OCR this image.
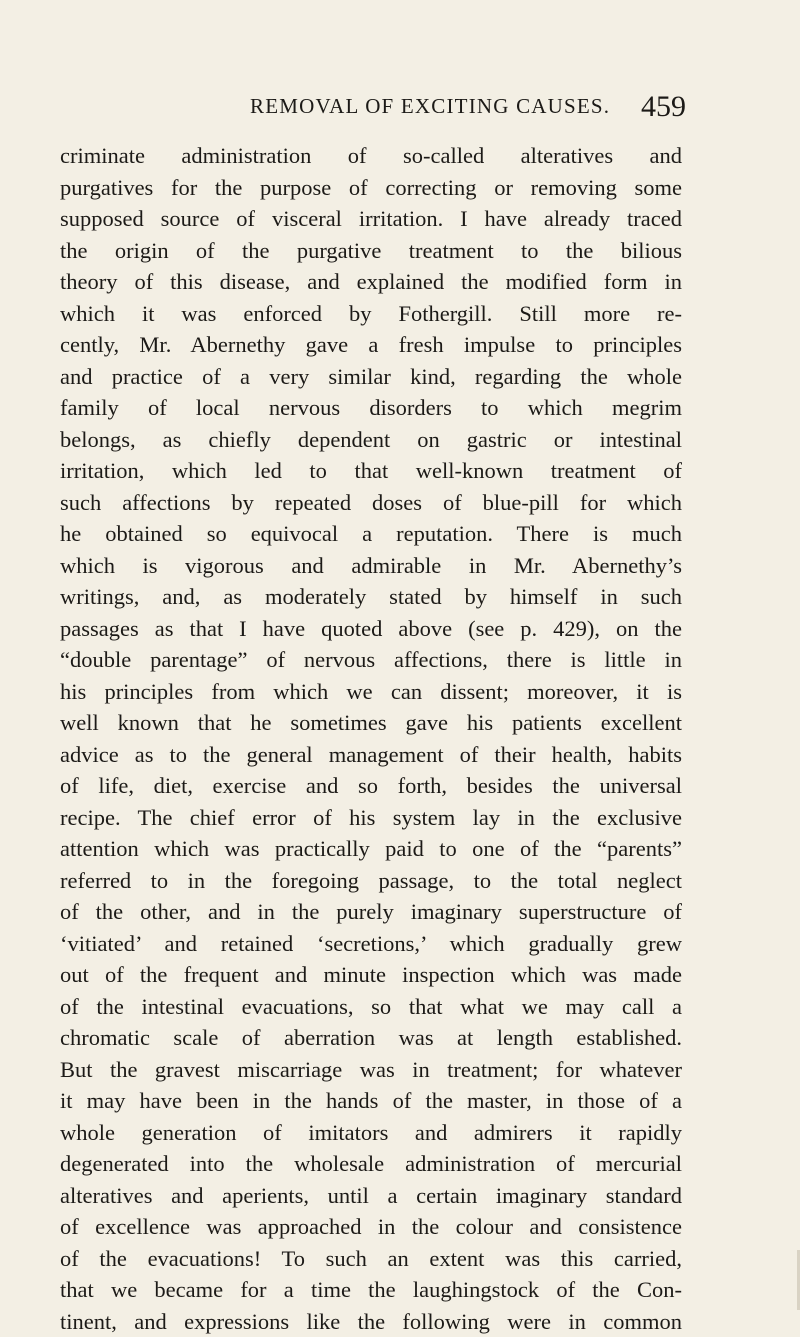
REMOVAL OF EXCITING CAUSES. 459
criminate administration of so-called alteratives and
purgatives for the purpose of correcting or removing some
supposed source of visceral irritation. I have already traced
the origin of the purgative treatment to the bilious
theory of this disease, and explained the modified form in
which it was enforced by Fothergill. Still more re-
cently, Mr. Abernethy gave a fresh impulse to principles
and practice of a very similar kind, regarding the whole
family of local nervous disorders to which megrim
belongs, as chiefly dependent on gastric or intestinal
irritation, which led to that well-known treatment of
such affections by repeated doses of blue-pill for which
he obtained so equivocal a reputation. There is much
which is vigorous and admirable in Mr. Abernethy’s
writings, and, as moderately stated by himself in such
passages as that I have quoted above (see p. 429), on the
“double parentage” of nervous affections, there is little in
his principles from which we can dissent; moreover, it is
well known that he sometimes gave his patients excellent
advice as to the general management of their health, habits
of life, diet, exercise and so forth, besides the universal
recipe. The chief error of his system lay in the exclusive
attention which was practically paid to one of the “parents”
referred to in the foregoing passage, to the total neglect
of the other, and in the purely imaginary superstructure of
‘vitiated’ and retained ‘secretions,’ which gradually grew
out of the frequent and minute inspection which was made
of the intestinal evacuations, so that what we may call a
chromatic scale of aberration was at length established.
But the gravest miscarriage was in treatment; for whatever
it may have been in the hands of the master, in those of a
whole generation of imitators and admirers it rapidly
degenerated into the wholesale administration of mercurial
alteratives and aperients, until a certain imaginary standard
of excellence was approached in the colour and consistence
of the evacuations! To such an extent was this carried,
that we became for a time the laughingstock of the Con-
tinent, and expressions like the following were in common
